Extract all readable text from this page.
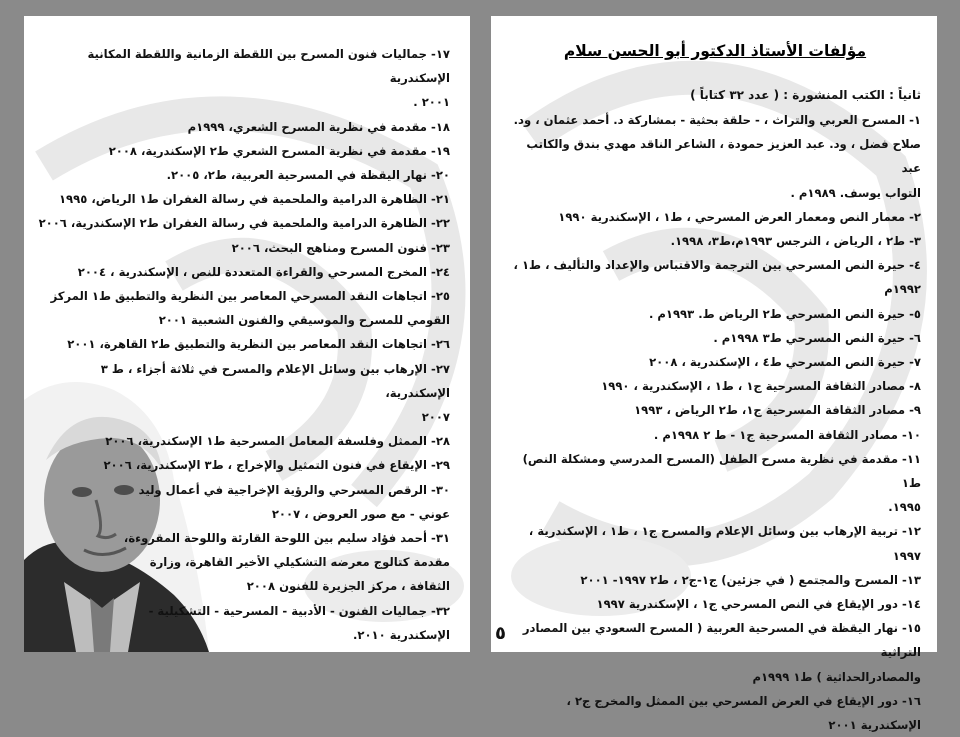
مؤلفات الأستاذ الدكتور أبو الحسن سلام
ثانياً : الكتب المنشورة : ( عدد ٣٢ كتاباً )

١- المسرح العربي والتراث ، - حلقة بحثية - بمشاركة د. أحمد عثمان ، ود.

صلاح فضل ، ود. عبد العزيز حمودة ، الشاعر الناقد مهدي بندق والكاتب عبد

التواب يوسف. ١٩٨٩م .

٢- معمار النص ومعمار العرض المسرحي ، ط١ ، الإسكندرية ١٩٩٠

٣- ط٢ ، الرياض ، النرجس ١٩٩٣م،ط٣، ١٩٩٨.

٤- حيرة النص المسرحي بين الترجمة والاقتباس والإعداد والتأليف ، ط١ ، ١٩٩٢م

٥- حيرة النص المسرحي ط٢ الرياض ط. ١٩٩٣م .

٦- حيرة النص المسرحي ط٣ ١٩٩٨م .

٧- حيرة النص المسرحي ط٤ ، الإسكندرية ، ٢٠٠٨

٨- مصادر الثقافة المسرحية ج١ ، ط١ ، الإسكندرية ، ١٩٩٠

٩- مصادر الثقافة المسرحية ج١، ط٢ الرياض ، ١٩٩٣

١٠- مصادر الثقافة المسرحية ج١ - ط ٢ ١٩٩٨م .

١١- مقدمة في نظرية مسرح الطفل (المسرح المدرسي ومشكلة النص) ط١

١٩٩٥.

١٢- تربية الإرهاب بين وسائل الإعلام والمسرح ج١ ، ط١ ، الإسكندرية ، ١٩٩٧

١٣- المسرح والمجتمع ( في جزئين) ج١-ج٢ ، ط٢ ١٩٩٧- ٢٠٠١

١٤- دور الإيقاع في النص المسرحي ج١ ، الإسكندرية ١٩٩٧

١٥- نهار اليقظة في المسرحية العربية ( المسرح السعودي بين المصادر التراثية

والمصادرالحداثية ) ط١ ١٩٩٩م

١٦- دور الإيقاع في العرض المسرحي بين الممثل والمخرج ج٢ ، الإسكندرية ٢٠٠١

٥

١٧- جماليات فنون المسرح بين اللقطة الزمانية واللقطة المكانية الإسكندرية

٢٠٠١ .

١٨- مقدمة في نظرية المسرح الشعري، ١٩٩٩م

١٩- مقدمة في نظرية المسرح الشعري ط٢ الإسكندرية، ٢٠٠٨

٢٠- نهار اليقظة في المسرحية العربية، ط٢، ٢٠٠٥.

٢١- الظاهرة الدرامية والملحمية في رسالة الغفران ط١ الرياض، ١٩٩٥

٢٢- الظاهرة الدرامية والملحمية في رسالة الغفران ط٢ الإسكندرية، ٢٠٠٦

٢٣- فنون المسرح ومناهج البحث، ٢٠٠٦

٢٤- المخرج المسرحي والقراءة المتعددة للنص ، الإسكندرية ، ٢٠٠٤

٢٥- اتجاهات النقد المسرحي المعاصر بين النظرية والتطبيق ط١ المركز

القومي للمسرح والموسيقي والفنون الشعبية ٢٠٠١

٢٦- اتجاهات النقد المعاصر بين النظرية والتطبيق ط٢ القاهرة، ٢٠٠١

٢٧- الإرهاب بين وسائل الإعلام والمسرح في ثلاثة أجزاء ، ط ٣ الإسكندرية،

٢٠٠٧

٢٨- الممثل وفلسفة المعامل المسرحية ط١ الإسكندرية، ٢٠٠٦

٢٩- الإيقاع في فنون التمثيل والإخراج ، ط٣ الإسكندرية، ٢٠٠٦

٣٠- الرقص المسرحي والرؤية الإخراجية في أعمال وليد

عوني - مع صور العروض ، ٢٠٠٧

٣١- أحمد فؤاد سليم بين اللوحة القارئة واللوحة المقروءة،

مقدمة كتالوج معرضه التشكيلي الأخير القاهرة، وزارة

الثقافة ، مركز الجزيرة للفنون ٢٠٠٨

٣٢- جماليات الفنون - الأدبية - المسرحية - التشكيلية -

الإسكندرية ٢٠١٠.
